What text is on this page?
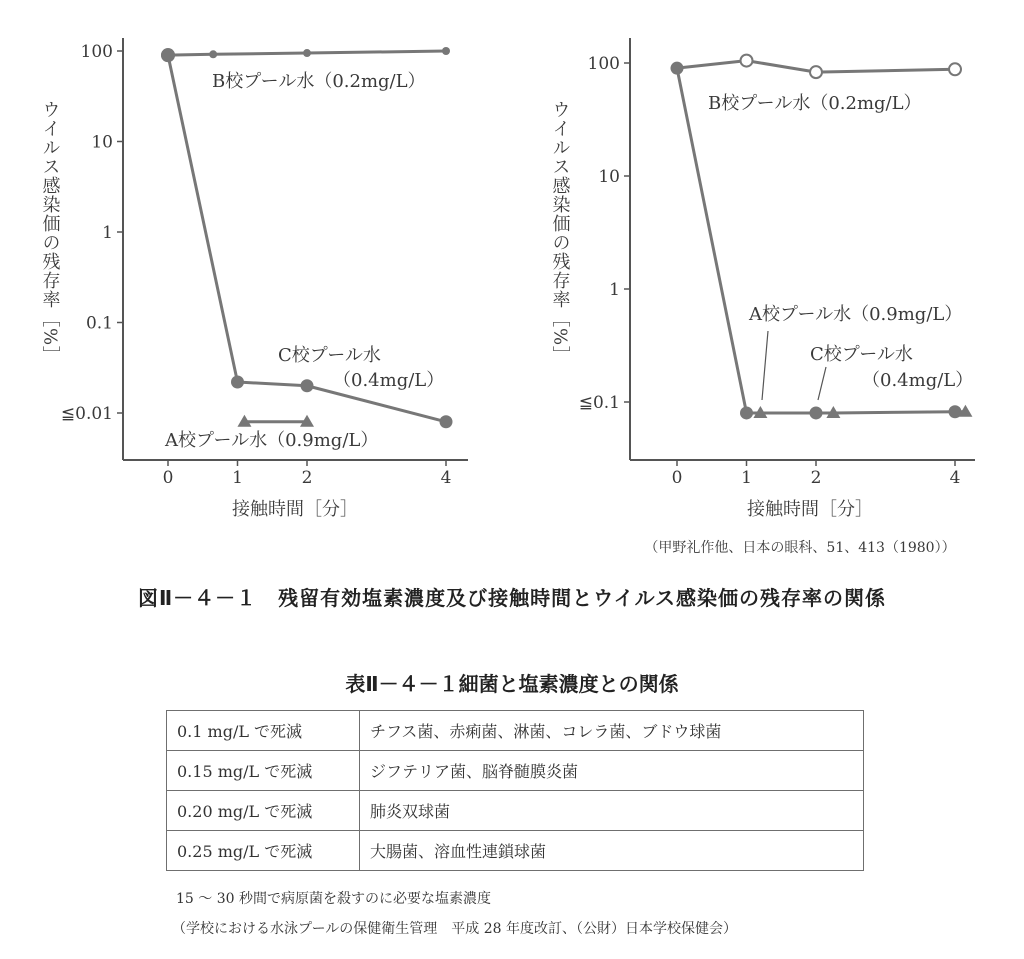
100
10
1
0.1
≦0.01
0	1	2	4
ウイルス感染価の残存率［%］
接触時間［分］
B校プール水（0.2mg/L）
C校プール水
（0.4mg/L）
A校プール水（0.9mg/L）
100
10
1
≦0.1
0	1	2	4
ウイルス感染価の残存率［%］
接触時間［分］
B校プール水（0.2mg/L）
A校プール水（0.9mg/L）
C校プール水
（0.4mg/L）
（甲野礼作他、日本の眼科、51、413（1980））

図Ⅱ－４－１　残留有効塩素濃度及び接触時間とウイルス感染価の残存率の関係

表Ⅱ－４－１細菌と塩素濃度との関係

0.1 mg/L で死滅	チフス菌、赤痢菌、淋菌、コレラ菌、ブドウ球菌
0.15 mg/L で死滅	ジフテリア菌、脳脊髄膜炎菌
0.20 mg/L で死滅	肺炎双球菌
0.25 mg/L で死滅	大腸菌、溶血性連鎖球菌

15 ～ 30 秒間で病原菌を殺すのに必要な塩素濃度

（学校における水泳プールの保健衛生管理　平成 28 年度改訂、（公財）日本学校保健会）
